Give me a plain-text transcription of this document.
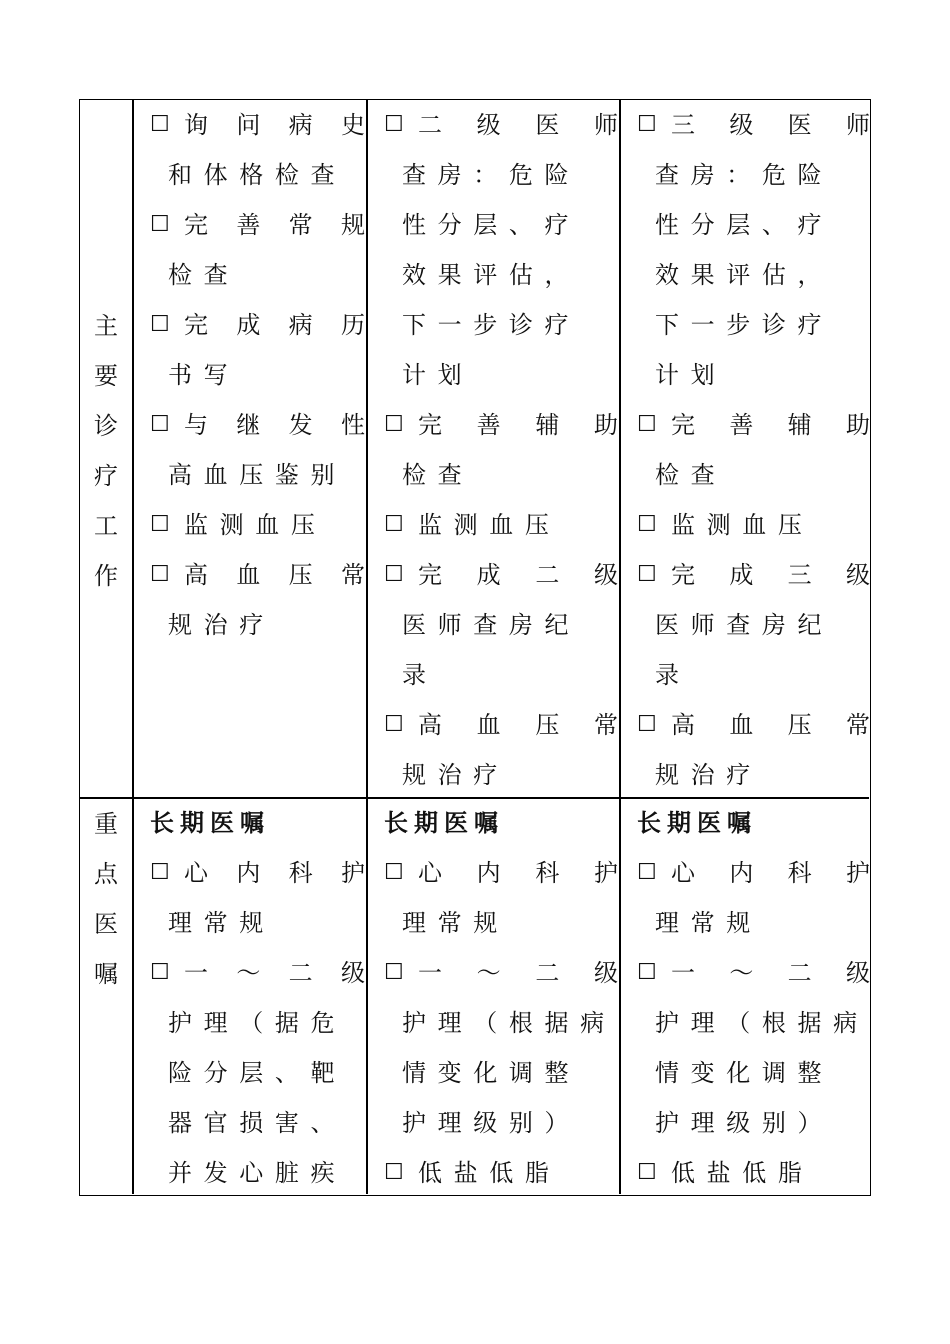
主
要
诊
疗
工
作
☐ 询 问 病 史
和 体 格 检 查
☐ 完 善 常 规
检 查
☐ 完 成 病 历
书 写
☐ 与 继 发 性
高 血 压 鉴 别
☐ 监 测 血 压
☐ 高 血 压 常
规 治 疗
☐ 二 级 医 师
查 房 ： 危 险
性 分 层 、 疗
效 果 评 估 ，
下 一 步 诊 疗
计 划
☐ 完 善 辅 助
检 查
☐ 监 测 血 压
☐ 完 成 二 级
医 师 查 房 纪
录
☐ 高 血 压 常
规 治 疗
☐ 三 级 医 师
查 房 ： 危 险
性 分 层 、 疗
效 果 评 估 ，
下 一 步 诊 疗
计 划
☐ 完 善 辅 助
检 查
☐ 监 测 血 压
☐ 完 成 三 级
医 师 查 房 纪
录
☐ 高 血 压 常
规 治 疗
重
点
医
嘱
长期医嘱
☐ 心 内 科 护
理 常 规
☐ 一 ～ 二 级
护 理 （ 据 危
险 分 层 、 靶
器 官 损 害 、
并 发 心 脏 疾
长期医嘱
☐ 心 内 科 护
理 常 规
☐ 一 ～ 二 级
护 理 （ 根 据 病
情 变 化 调 整
护 理 级 别 ）
☐ 低 盐 低 脂
长期医嘱
☐ 心 内 科 护
理 常 规
☐ 一 ～ 二 级
护 理 （ 根 据 病
情 变 化 调 整
护 理 级 别 ）
☐ 低 盐 低 脂
